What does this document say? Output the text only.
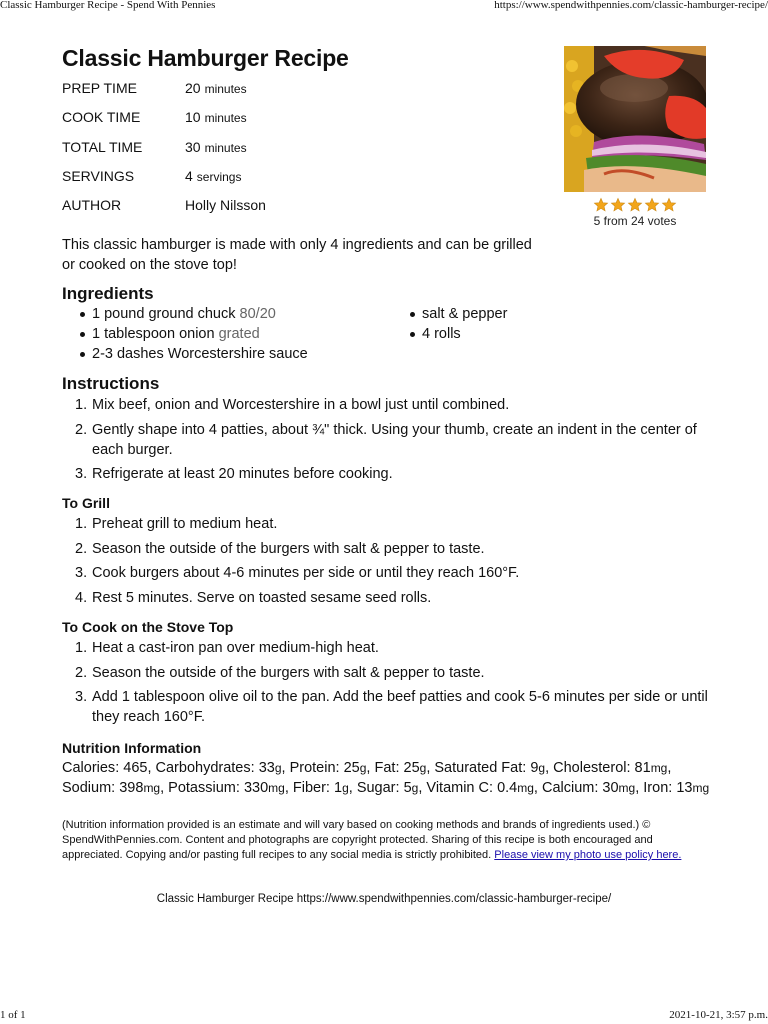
Classic Hamburger Recipe - Spend With Pennies	https://www.spendwithpennies.com/classic-hamburger-recipe/
Classic Hamburger Recipe
PREP TIME	20 minutes
COOK TIME	10 minutes
TOTAL TIME	30 minutes
SERVINGS	4 servings
AUTHOR	Holly Nilsson
5 from 24 votes
This classic hamburger is made with only 4 ingredients and can be grilled or cooked on the stove top!
Ingredients
1 pound ground chuck 80/20
1 tablespoon onion grated
2-3 dashes Worcestershire sauce
salt & pepper
4 rolls
Instructions
1. Mix beef, onion and Worcestershire in a bowl just until combined.
2. Gently shape into 4 patties, about ¾" thick. Using your thumb, create an indent in the center of each burger.
3. Refrigerate at least 20 minutes before cooking.
To Grill
1. Preheat grill to medium heat.
2. Season the outside of the burgers with salt & pepper to taste.
3. Cook burgers about 4-6 minutes per side or until they reach 160°F.
4. Rest 5 minutes. Serve on toasted sesame seed rolls.
To Cook on the Stove Top
1. Heat a cast-iron pan over medium-high heat.
2. Season the outside of the burgers with salt & pepper to taste.
3. Add 1 tablespoon olive oil to the pan. Add the beef patties and cook 5-6 minutes per side or until they reach 160°F.
Nutrition Information
Calories: 465, Carbohydrates: 33g, Protein: 25g, Fat: 25g, Saturated Fat: 9g, Cholesterol: 81mg, Sodium: 398mg, Potassium: 330mg, Fiber: 1g, Sugar: 5g, Vitamin C: 0.4mg, Calcium: 30mg, Iron: 13mg
(Nutrition information provided is an estimate and will vary based on cooking methods and brands of ingredients used.) © SpendWithPennies.com. Content and photographs are copyright protected. Sharing of this recipe is both encouraged and appreciated. Copying and/or pasting full recipes to any social media is strictly prohibited. Please view my photo use policy here.
Classic Hamburger Recipe https://www.spendwithpennies.com/classic-hamburger-recipe/
1 of 1	2021-10-21, 3:57 p.m.
